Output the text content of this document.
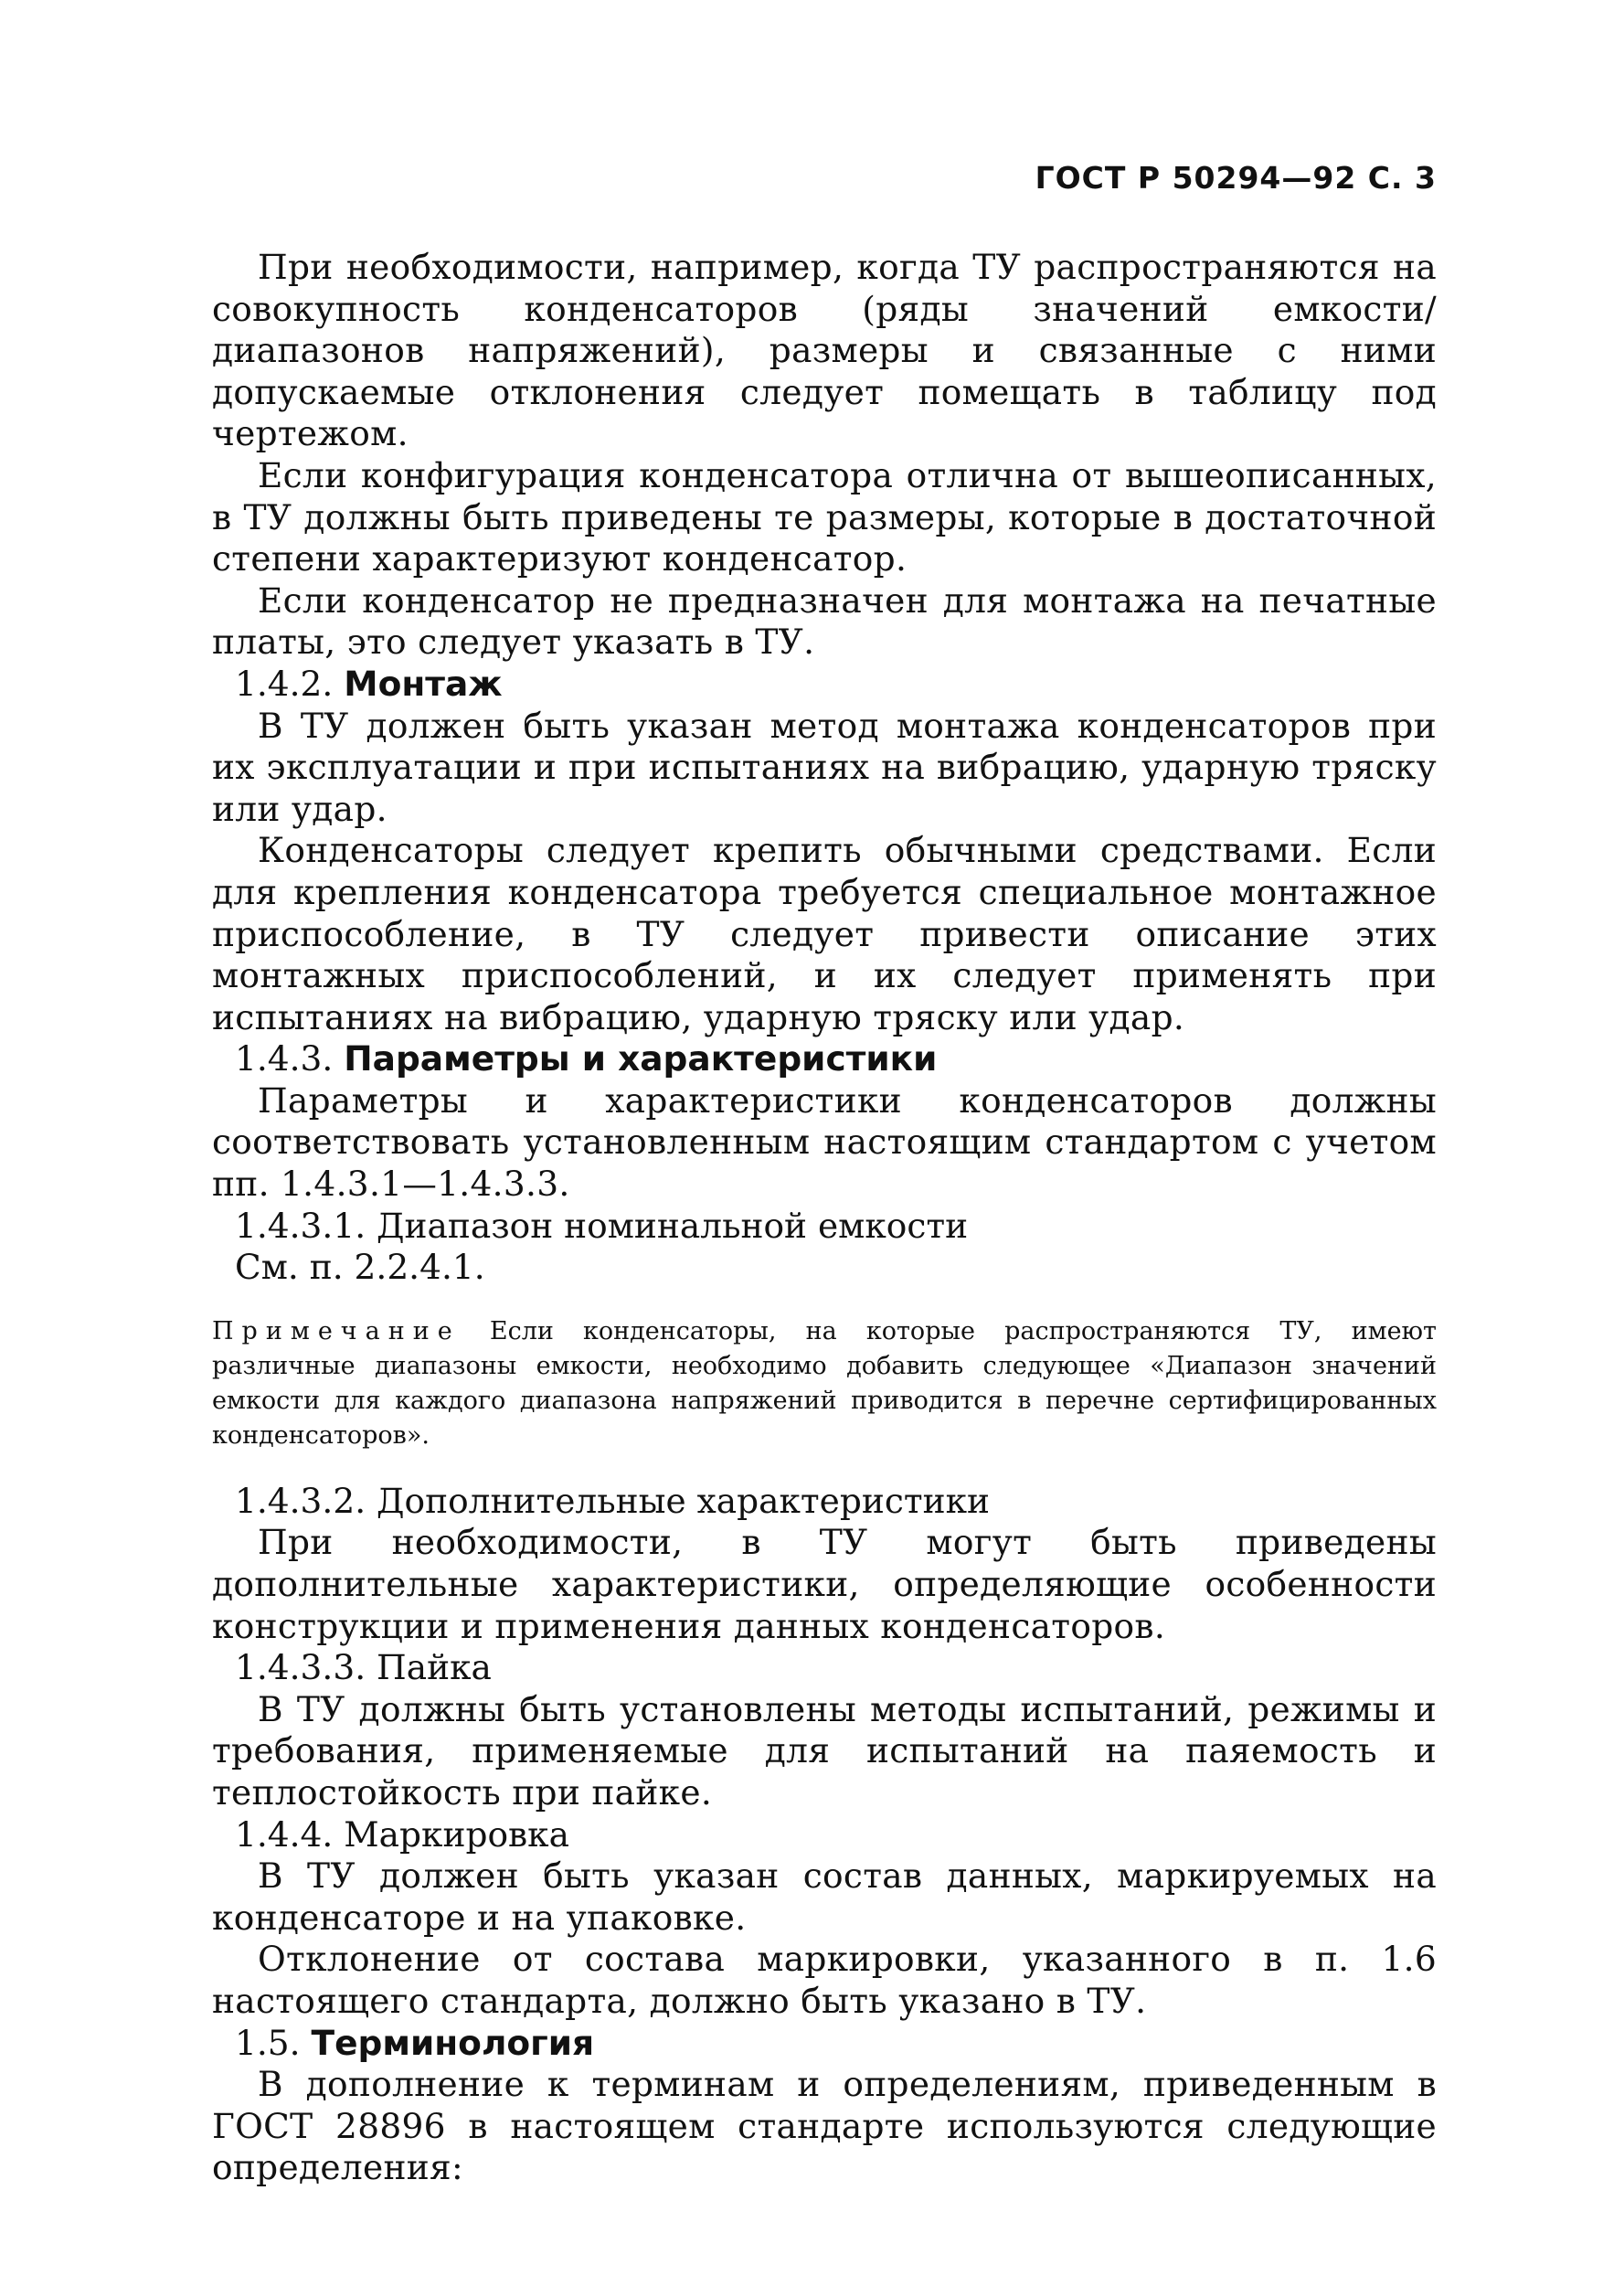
ГОСТ Р 50294—92 С. 3

При необходимости, например, когда ТУ распространяются на совокупность конденсаторов (ряды значений емкости/диапазонов напряжений), размеры и связанные с ними допускаемые отклонения следует помещать в таблицу под чертежом.

Если конфигурация конденсатора отлична от вышеописанных, в ТУ должны быть приведены те размеры, которые в достаточной степени характеризуют конденсатор.

Если конденсатор не предназначен для монтажа на печатные платы, это следует указать в ТУ.

1.4.2. Монтаж

В ТУ должен быть указан метод монтажа конденсаторов при их эксплуатации и при испытаниях на вибрацию, ударную тряску или удар.

Конденсаторы следует крепить обычными средствами. Если для крепления конденсатора требуется специальное монтажное приспособление, в ТУ следует привести описание этих монтажных приспособлений, и их следует применять при испытаниях на вибрацию, ударную тряску или удар.

1.4.3. Параметры и характеристики

Параметры и характеристики конденсаторов должны соответствовать установленным настоящим стандартом с учетом пп. 1.4.3.1—1.4.3.3.

1.4.3.1. Диапазон номинальной емкости

См. п. 2.2.4.1.

Примечание Если конденсаторы, на которые распространяются ТУ, имеют различные диапазоны емкости, необходимо добавить следующее «Диапазон значений емкости для каждого диапазона напряжений приводится в перечне сертифицированных конденсаторов».

1.4.3.2. Дополнительные характеристики

При необходимости, в ТУ могут быть приведены дополнительные характеристики, определяющие особенности конструкции и применения данных конденсаторов.

1.4.3.3. Пайка

В ТУ должны быть установлены методы испытаний, режимы и требования, применяемые для испытаний на паяемость и теплостойкость при пайке.

1.4.4. Маркировка

В ТУ должен быть указан состав данных, маркируемых на конденсаторе и на упаковке.

Отклонение от состава маркировки, указанного в п. 1.6 настоящего стандарта, должно быть указано в ТУ.

1.5. Терминология

В дополнение к терминам и определениям, приведенным в ГОСТ 28896 в настоящем стандарте используются следующие определения:
